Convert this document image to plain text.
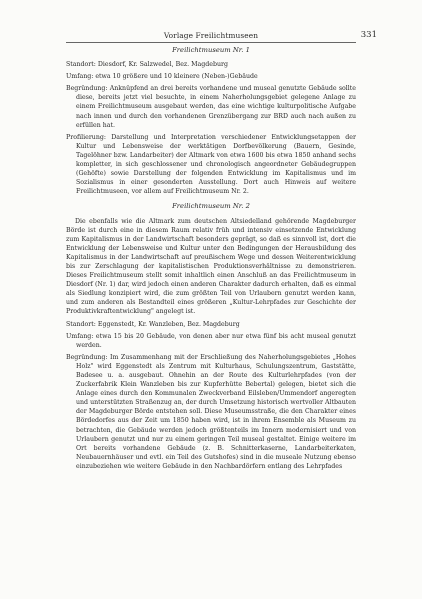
Vorlage Freilichtmuseen	331
Freilichtmuseum Nr. 1
Standort: Diesdorf, Kr. Salzwedel, Bez. Magdeburg
Umfang: etwa 10 größere und 10 kleinere (Neben-)Gebäude
Begründung: Anknüpfend an drei bereits vorhandene und museal genutzte Gebäude sollte diese, bereits jetzt viel besuchte, in einem Naherholungsgebiet gelegene Anlage zu einem Freilichtmuseum ausgebaut werden, das eine wichtige kulturpolitische Aufgabe nach innen und durch den vorhandenen Grenzübergang zur BRD auch nach außen zu erfüllen hat.
Profilierung: Darstellung und Interpretation verschiedener Entwicklungsetappen der Kultur und Lebensweise der werktätigen Dorfbevölkerung (Bauern, Gesinde, Tagelöhner bzw. Landarbeiter) der Altmark von etwa 1600 bis etwa 1850 anhand sechs kompletter, in sich geschlossener und chronologisch angeordneter Gebäudegruppen (Gehöfte) sowie Darstellung der folgenden Entwicklung im Kapitalismus und im Sozialismus in einer gesonderten Ausstellung. Dort auch Hinweis auf weitere Freilichtmuseen, vor allem auf Freilichtmuseum Nr. 2.
Freilichtmuseum Nr. 2
Die ebenfalls wie die Altmark zum deutschen Altsiedelland gehörende Magdeburger Börde ist durch eine in diesem Raum relativ früh und intensiv einsetzende Entwicklung zum Kapitalismus in der Landwirtschaft besonders geprägt, so daß es sinnvoll ist, dort die Entwicklung der Lebensweise und Kultur unter den Bedingungen der Herausbildung des Kapitalismus in der Landwirtschaft auf preußischem Wege und dessen Weiterentwicklung bis zur Zerschlagung der kapitalistischen Produktionsverhältnisse zu demonstrieren. Dieses Freilichtmuseum stellt somit inhaltlich einen Anschluß an das Freilichtmuseum in Diesdorf (Nr. 1) dar, wird jedoch einen anderen Charakter dadurch erhalten, daß es einmal als Siedlung konzipiert wird, die zum größten Teil von Urlaubern genutzt werden kann, und zum anderen als Bestandteil eines größeren „Kultur-Lehrpfades zur Geschichte der Produktivkraftentwicklung" angelegt ist.
Standort: Eggenstedt, Kr. Wanzleben, Bez. Magdeburg
Umfang: etwa 15 bis 20 Gebäude, von denen aber nur etwa fünf bis acht museal genutzt werden.
Begründung: Im Zusammenhang mit der Erschließung des Naherholungsgebietes „Hohes Holz" wird Eggenstedt als Zentrum mit Kulturhaus, Schulungszentrum, Gaststätte, Badesee u. a. ausgebaut. Ohnehin an der Route des Kulturlehrpfades (von der Zuckerfabrik Klein Wanzleben bis zur Kupferhütte Bebertal) gelegen, bietet sich die Anlage eines durch den Kommunalen Zweckverband Eilsleben/Ummendorf angeregten und unterstützten Straßenzug an, der durch Umsetzung historisch wertvoller Altbauten der Magdeburger Börde entstehen soll. Diese Museumsstraße, die den Charakter eines Bördedorfes aus der Zeit um 1850 haben wird, ist in ihrem Ensemble als Museum zu betrachten, die Gebäude werden jedoch größtenteils im Innern modernisiert und von Urlaubern genutzt und nur zu einem geringen Teil museal gestaltet. Einige weitere im Ort bereits vorhandene Gebäude (z. B. Schnitterkaserne, Landarbeiterkaten, Neubauernhäuser und evtl. ein Teil des Gutshofes) sind in die museale Nutzung ebenso einzubeziehen wie weitere Gebäude in den Nachbardörfern entlang des Lehrpfades
